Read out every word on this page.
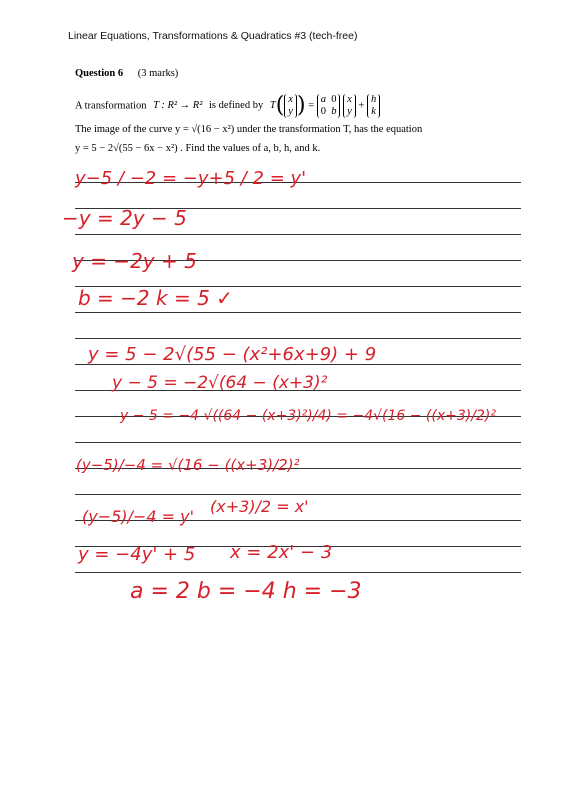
Linear Equations, Transformations & Quadratics #3 (tech-free)
Question 6 (3 marks)
A transformation T : R² → R² is defined by T( x
y ) =
a 0
0 b

x
y
+
h
k
The image of the curve y = √(16 − x²) under the transformation T, has the equation
y = 5 − 2√(55 − 6x − x²) . Find the values of a, b, h, and k.
y−5 / −2 = −y+5 / 2 = y'
−y = 2y − 5
y = −2y + 5
b = −2 k = 5 ✓
y = 5 − 2√(55 − (x²+6x+9) + 9
y − 5 = −2√(64 − (x+3)²
y − 5 = −4 √((64 − (x+3)²)/4) = −4√(16 − ((x+3)/2)²
(y−5)/−4 = √(16 − ((x+3)/2)²
(y−5)/−4 = y'
(x+3)/2 = x'
y = −4y' + 5 x = 2x' − 3
a = 2 b = −4 h = −3
